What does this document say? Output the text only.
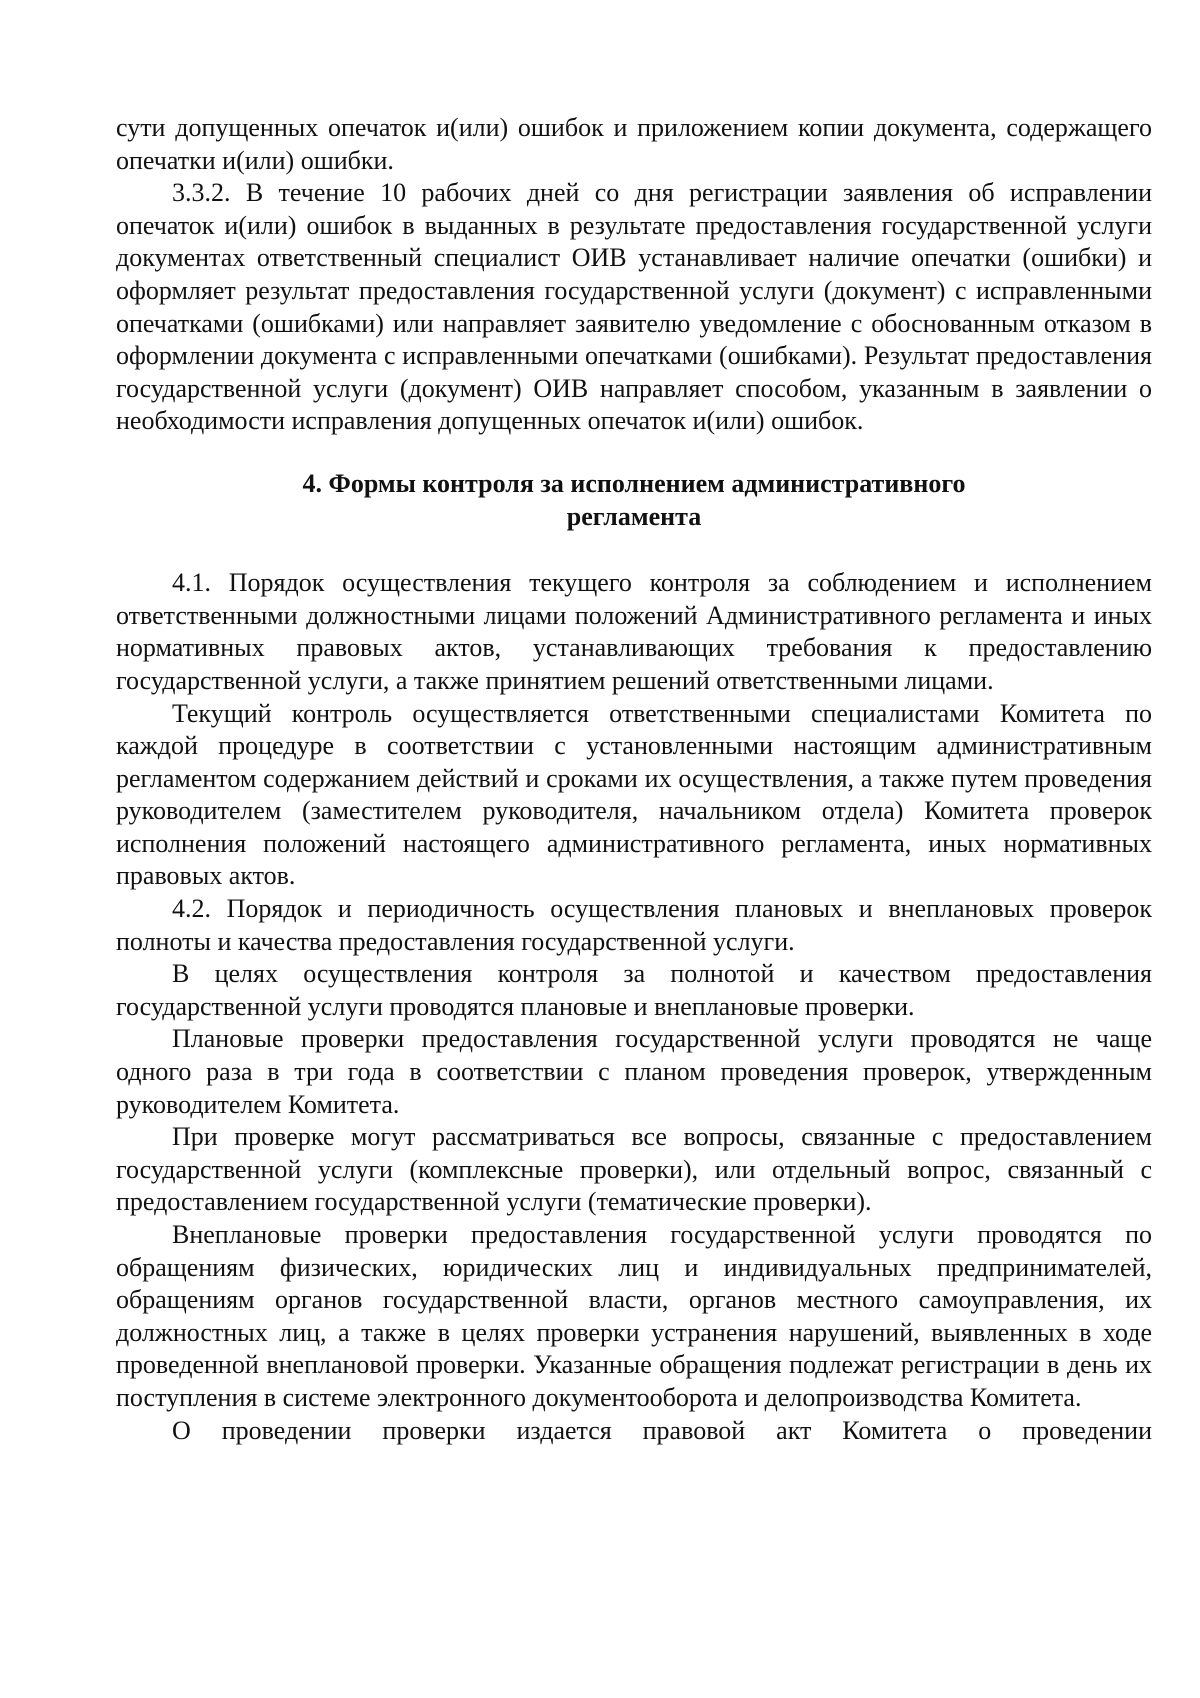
сути допущенных опечаток и(или) ошибок и приложением копии документа, содержащего опечатки и(или) ошибки.

3.3.2. В течение 10 рабочих дней со дня регистрации заявления об исправлении опечаток и(или) ошибок в выданных в результате предоставления государственной услуги документах ответственный специалист ОИВ устанавливает наличие опечатки (ошибки) и оформляет результат предоставления государственной услуги (документ) с исправленными опечатками (ошибками) или направляет заявителю уведомление с обоснованным отказом в оформлении документа с исправленными опечатками (ошибками). Результат предоставления государственной услуги (документ) ОИВ направляет способом, указанным в заявлении о необходимости исправления допущенных опечаток и(или) ошибок.

4. Формы контроля за исполнением административного

регламента

4.1. Порядок осуществления текущего контроля за соблюдением и исполнением ответственными должностными лицами положений Административного регламента и иных нормативных правовых актов, устанавливающих требования к предоставлению государственной услуги, а также принятием решений ответственными лицами.

Текущий контроль осуществляется ответственными специалистами Комитета по каждой процедуре в соответствии с установленными настоящим административным регламентом содержанием действий и сроками их осуществления, а также путем проведения руководителем (заместителем руководителя, начальником отдела) Комитета проверок исполнения положений настоящего административного регламента, иных нормативных правовых актов.

4.2. Порядок и периодичность осуществления плановых и внеплановых проверок полноты и качества предоставления государственной услуги.

В целях осуществления контроля за полнотой и качеством предоставления государственной услуги проводятся плановые и внеплановые проверки.

Плановые проверки предоставления государственной услуги проводятся не чаще одного раза в три года в соответствии с планом проведения проверок, утвержденным руководителем Комитета.

При проверке могут рассматриваться все вопросы, связанные с предоставлением государственной услуги (комплексные проверки), или отдельный вопрос, связанный с предоставлением государственной услуги (тематические проверки).

Внеплановые проверки предоставления государственной услуги проводятся по обращениям физических, юридических лиц и индивидуальных предпринимателей, обращениям органов государственной власти, органов местного самоуправления, их должностных лиц, а также в целях проверки устранения нарушений, выявленных в ходе проведенной внеплановой проверки. Указанные обращения подлежат регистрации в день их поступления в системе электронного документооборота и делопроизводства Комитета.

О проведении проверки издается правовой акт Комитета о проведении
